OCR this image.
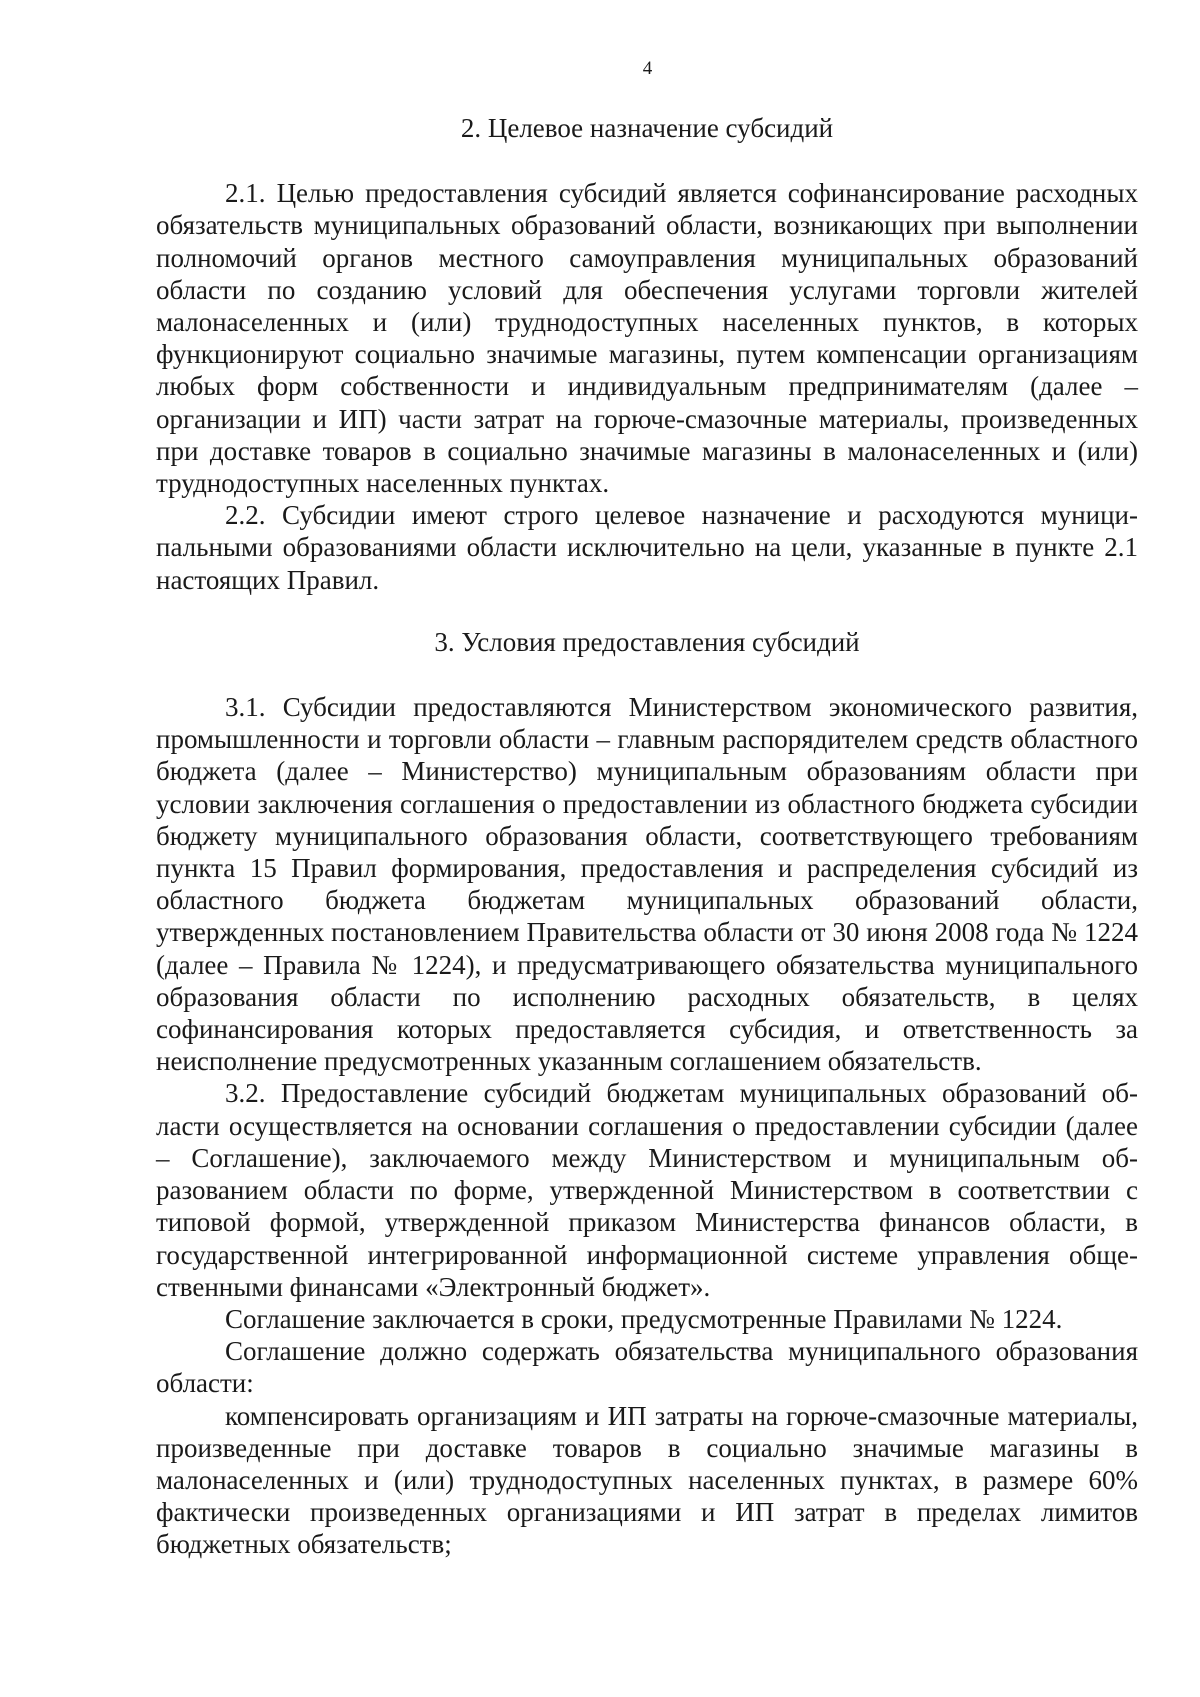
4

2. Целевое назначение субсидий

2.1. Целью предоставления субсидий является софинансирование расходных обязательств муниципальных образований области, возникающих при выполнении полномочий органов местного самоуправления муниципальных образований области по созданию условий для обеспечения услугами торговли жителей малонаселенных и (или) труднодоступных населенных пунктов, в которых функционируют социально значимые магазины, путем компенсации организациям любых форм собственности и индивидуальным предпринимателям (далее – организации и ИП) части затрат на горюче-смазочные материалы, произведенных при доставке товаров в социально значимые магазины в малонаселенных и (или) труднодоступных населенных пунктах.

2.2. Субсидии имеют строго целевое назначение и расходуются муниципальными образованиями области исключительно на цели, указанные в пункте 2.1 настоящих Правил.

3. Условия предоставления субсидий

3.1. Субсидии предоставляются Министерством экономического развития, промышленности и торговли области – главным распорядителем средств областного бюджета (далее – Министерство) муниципальным образованиям области при условии заключения соглашения о предоставлении из областного бюджета субсидии бюджету муниципального образования области, соответствующего требованиям пункта 15 Правил формирования, предоставления и распределения субсидий из областного бюджета бюджетам муниципальных образований области, утвержденных постановлением Правительства области от 30 июня 2008 года № 1224 (далее – Правила № 1224), и предусматривающего обязательства муниципального образования области по исполнению расходных обязательств, в целях софинансирования которых предоставляется субсидия, и ответственность за неисполнение предусмотренных указанным соглашением обязательств.

3.2. Предоставление субсидий бюджетам муниципальных образований области осуществляется на основании соглашения о предоставлении субсидии (далее – Соглашение), заключаемого между Министерством и муниципальным образованием области по форме, утвержденной Министерством в соответствии с типовой формой, утвержденной приказом Министерства финансов области, в государственной интегрированной информационной системе управления общественными финансами «Электронный бюджет».

Соглашение заключается в сроки, предусмотренные Правилами № 1224.

Соглашение должно содержать обязательства муниципального образования области:

компенсировать организациям и ИП затраты на горюче-смазочные материалы, произведенные при доставке товаров в социально значимые магазины в малонаселенных и (или) труднодоступных населенных пунктах, в размере 60% фактически произведенных организациями и ИП затрат в пределах лимитов бюджетных обязательств;
